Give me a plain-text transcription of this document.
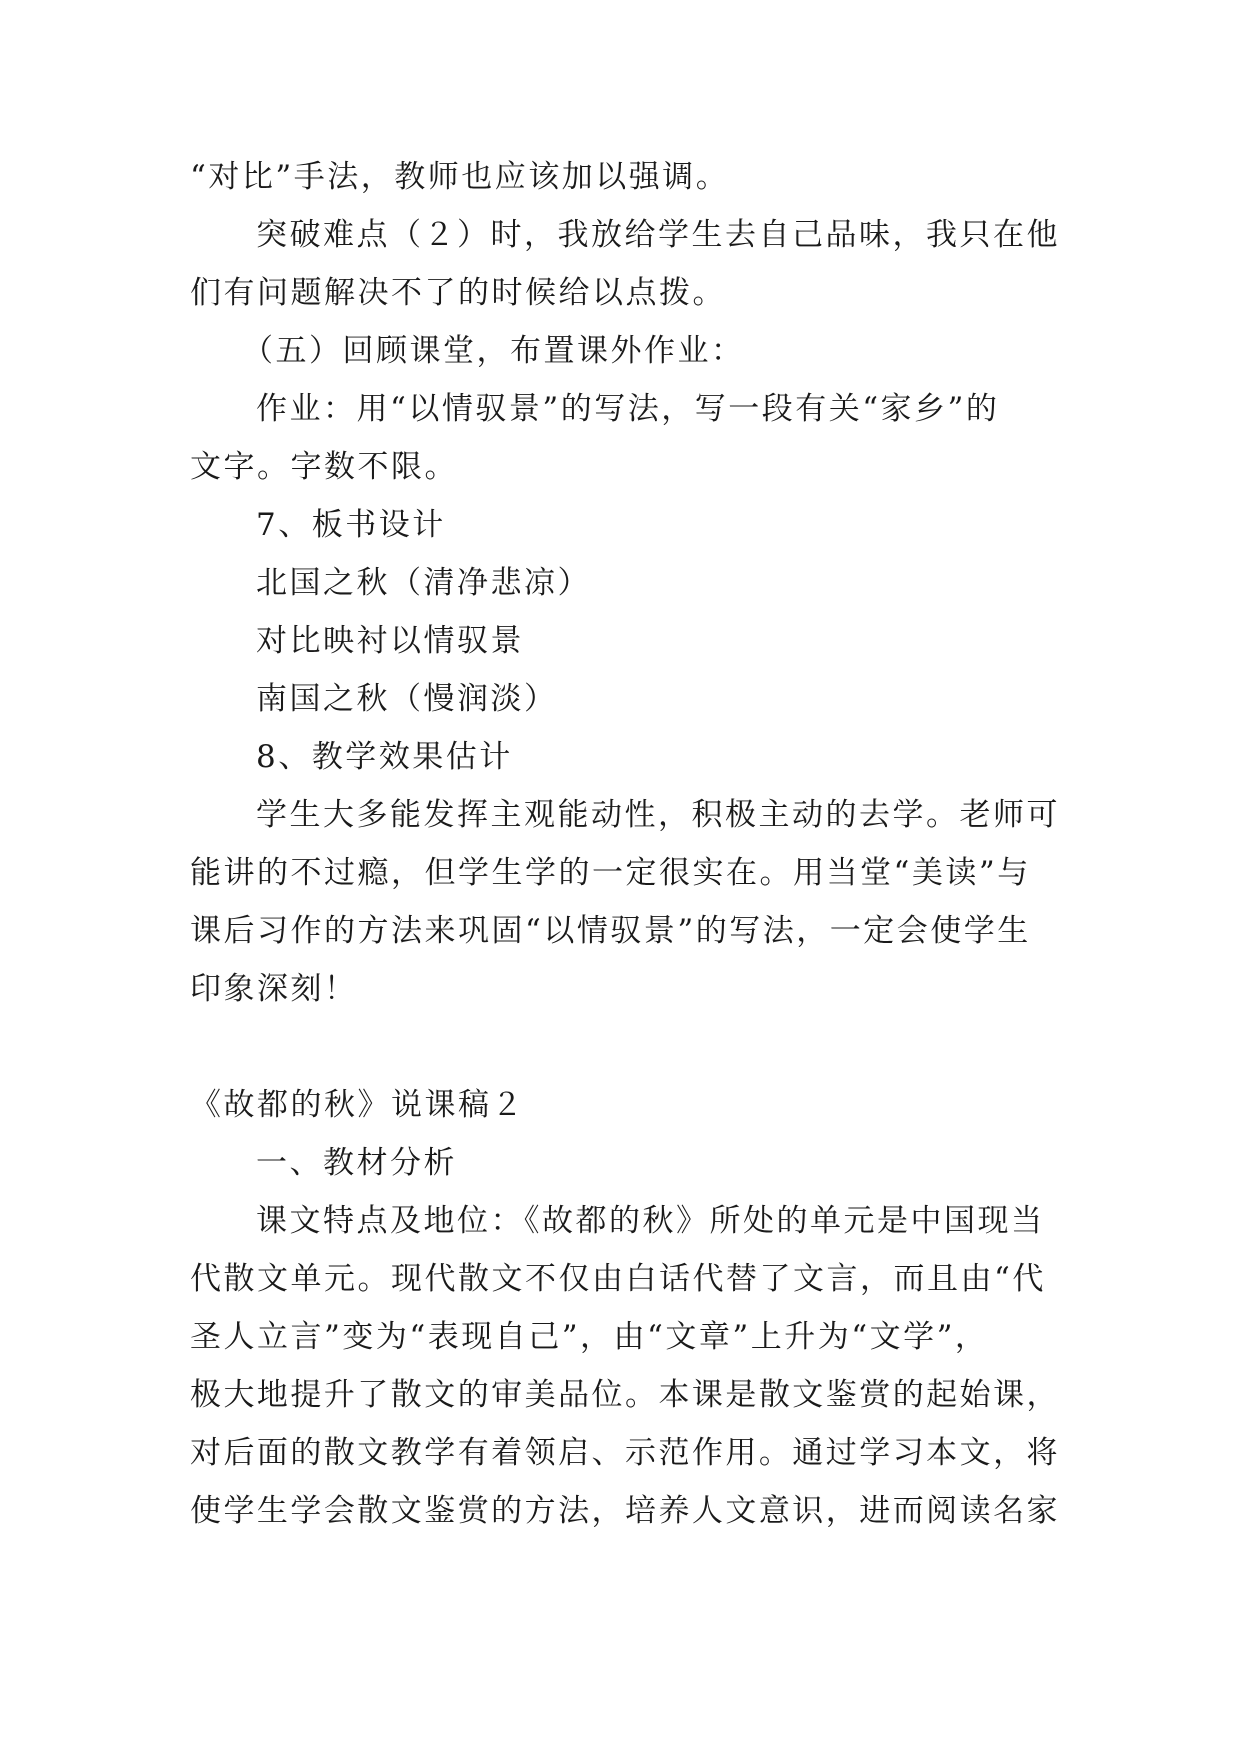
“对比”手法，教师也应该加以强调。
突破难点（２）时，我放给学生去自己品味，我只在他
们有问题解决不了的时候给以点拨。
（五）回顾课堂，布置课外作业：
作业：用“以情驭景”的写法，写一段有关“家乡”的
文字。字数不限。
7、板书设计
北国之秋（清净悲凉）
对比映衬以情驭景
南国之秋（慢润淡）
8、教学效果估计
学生大多能发挥主观能动性，积极主动的去学。老师可
能讲的不过瘾，但学生学的一定很实在。用当堂“美读”与
课后习作的方法来巩固“以情驭景”的写法，一定会使学生
印象深刻！
《故都的秋》说课稿２
一、教材分析
课文特点及地位：《故都的秋》所处的单元是中国现当
代散文单元。现代散文不仅由白话代替了文言，而且由“代
圣人立言”变为“表现自己”，由“文章”上升为“文学”，
极大地提升了散文的审美品位。本课是散文鉴赏的起始课，
对后面的散文教学有着领启、示范作用。通过学习本文，将
使学生学会散文鉴赏的方法，培养人文意识，进而阅读名家
